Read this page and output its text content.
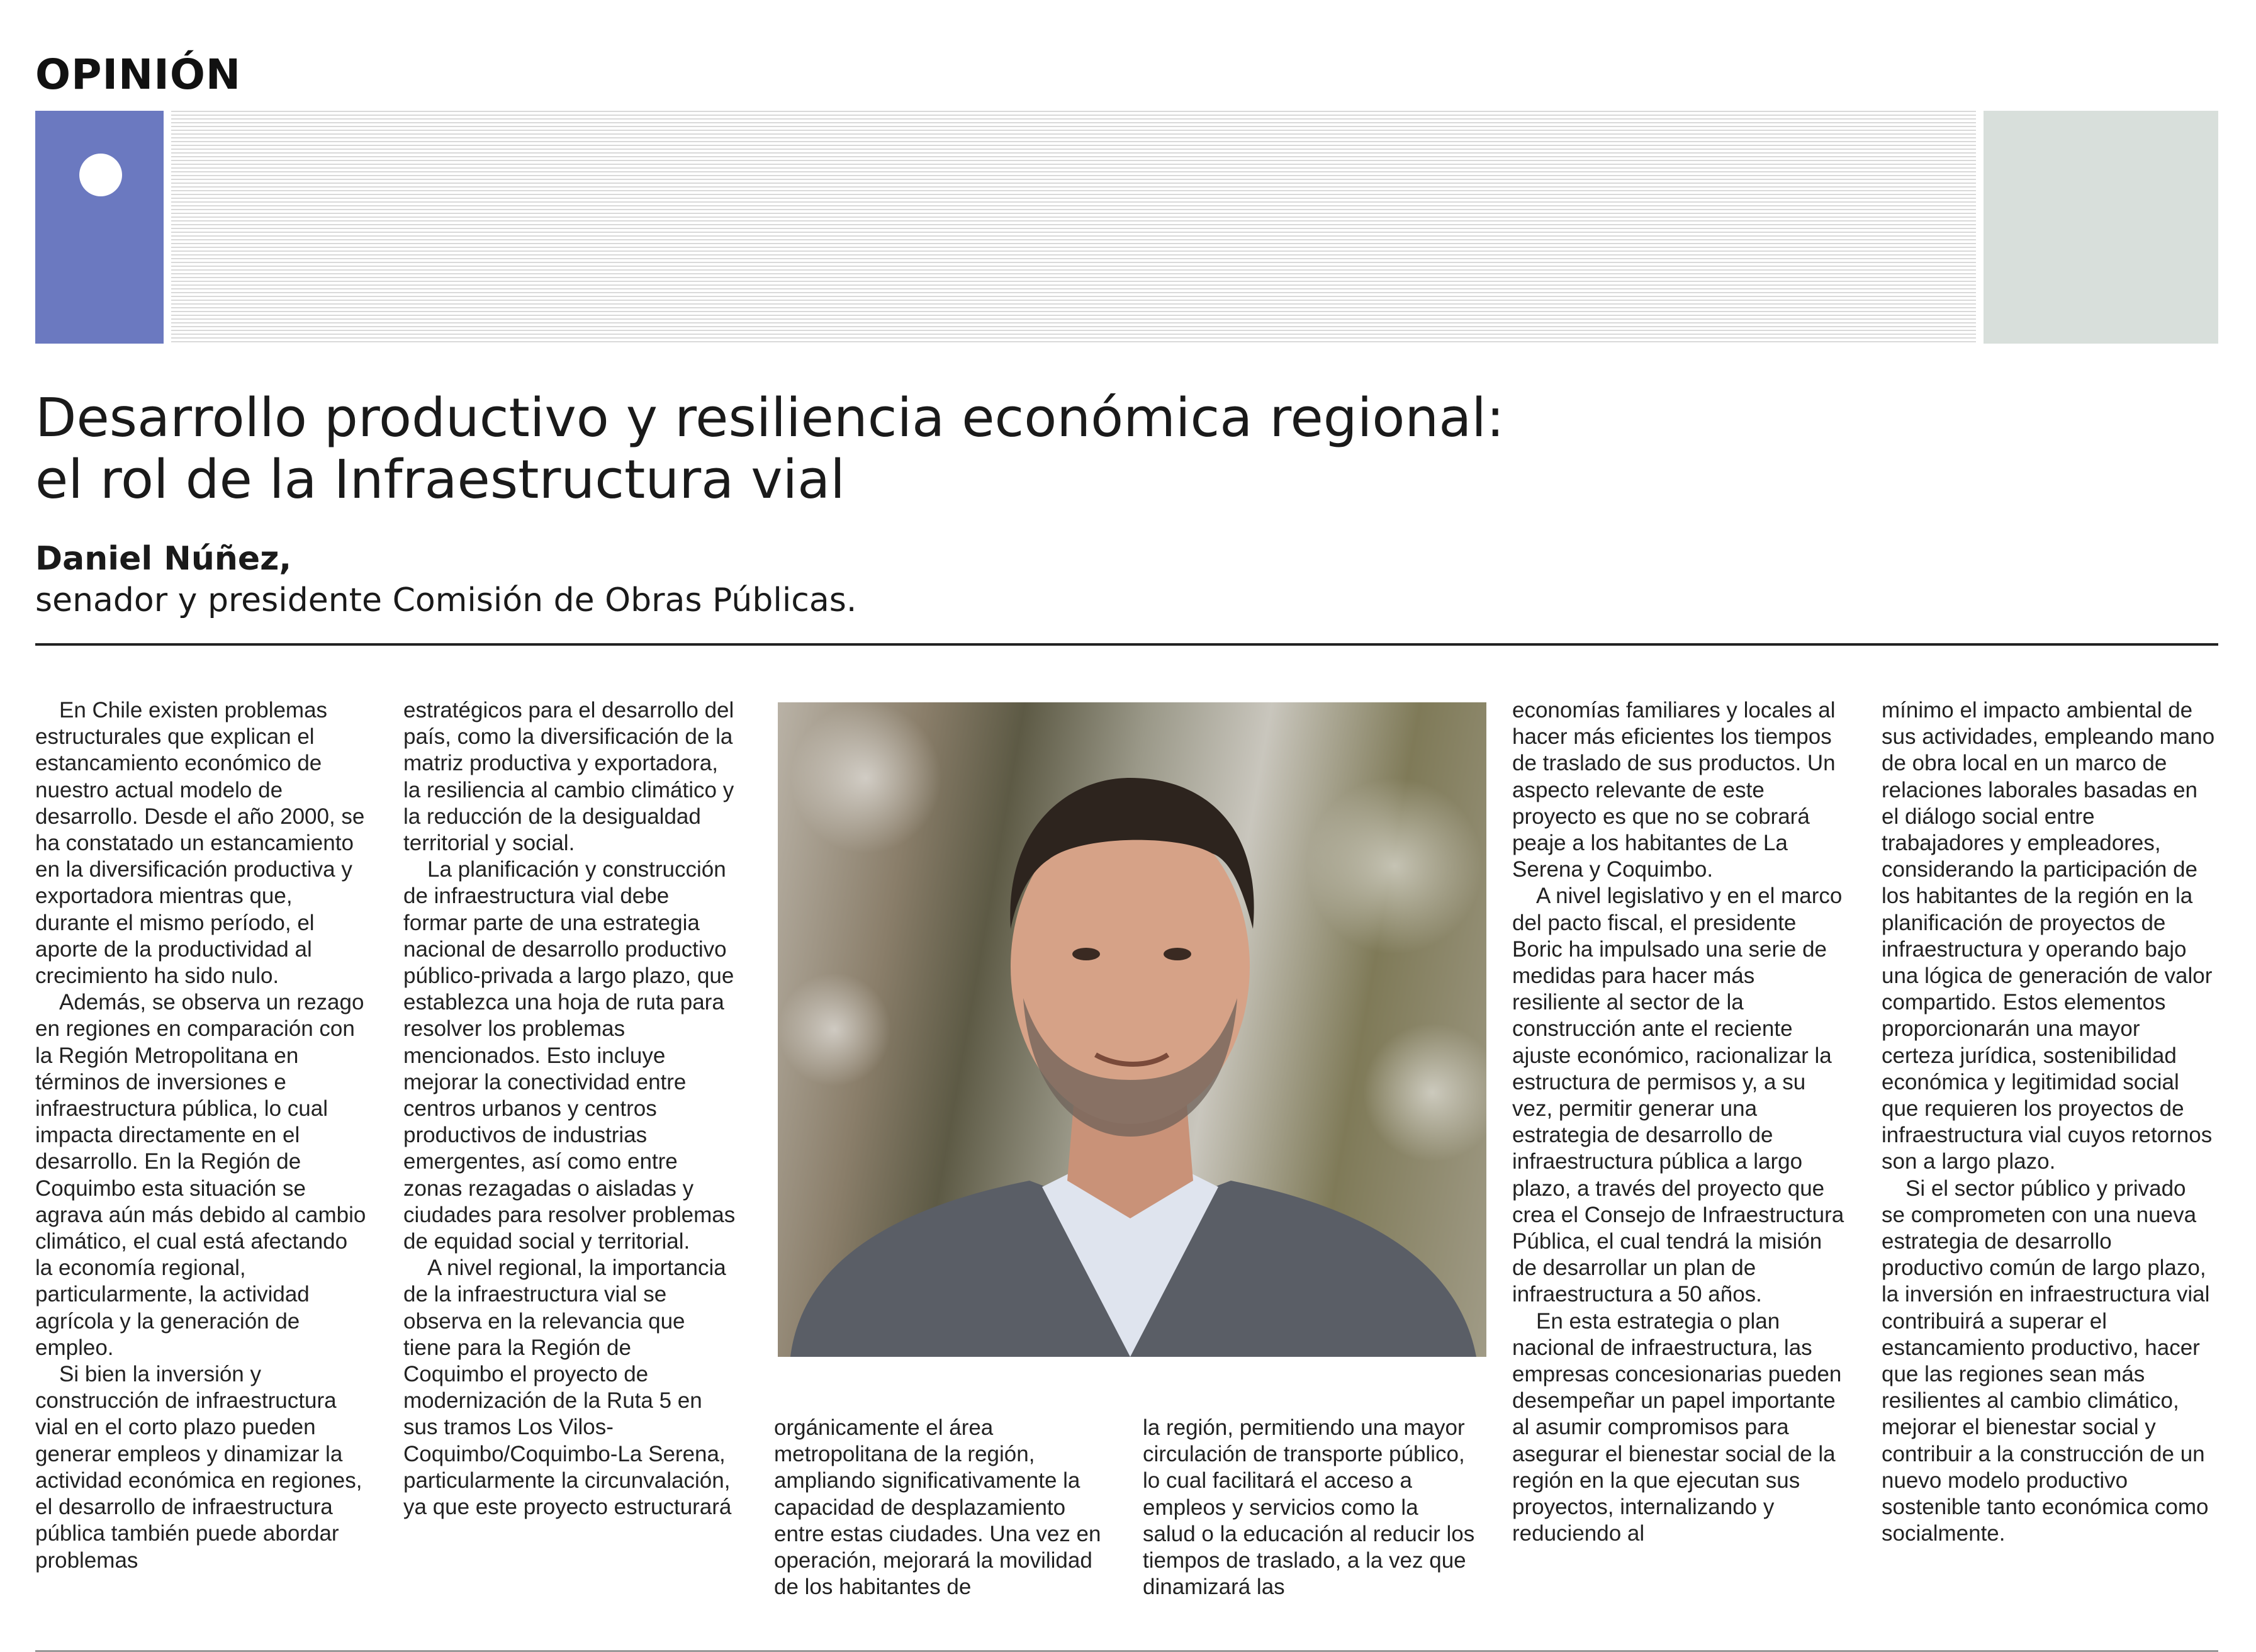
OPINIÓN
Desarrollo productivo y resiliencia económica regional:
el rol de la Infraestructura vial
Daniel Núñez,
senador y presidente Comisión de Obras Públicas.

En Chile existen problemas estructurales que explican el estancamiento económico de nuestro actual modelo de desarrollo. Desde el año 2000, se ha constatado un estancamiento en la diversificación productiva y exportadora mientras que, durante el mismo período, el aporte de la productividad al crecimiento ha sido nulo.

Además, se observa un rezago en regiones en comparación con la Región Metropolitana en términos de inversiones e infraestructura pública, lo cual impacta directamente en el desarrollo. En la Región de Coquimbo esta situación se agrava aún más debido al cambio climático, el cual está afectando la economía regional, particularmente, la actividad agrícola y la generación de empleo.

Si bien la inversión y construcción de infraestructura vial en el corto plazo pueden generar empleos y dinamizar la actividad económica en regiones, el desarrollo de infraestructura pública también puede abordar problemas

estratégicos para el desarrollo del país, como la diversificación de la matriz productiva y exportadora, la resiliencia al cambio climático y la reducción de la desigualdad territorial y social.

La planificación y construcción de infraestructura vial debe formar parte de una estrategia nacional de desarrollo productivo público-privada a largo plazo, que establezca una hoja de ruta para resolver los problemas mencionados. Esto incluye mejorar la conectividad entre centros urbanos y centros productivos de industrias emergentes, así como entre zonas rezagadas o aisladas y ciudades para resolver problemas de equidad social y territorial.

A nivel regional, la importancia de la infraestructura vial se observa en la relevancia que tiene para la Región de Coquimbo el proyecto de modernización de la Ruta 5 en sus tramos Los Vilos-Coquimbo/Coquimbo-La Serena, particularmente la circunvalación, ya que este proyecto estructurará

orgánicamente el área metropolitana de la región, ampliando significativamente la capacidad de desplazamiento entre estas ciudades. Una vez en operación, mejorará la movilidad de los habitantes de

la región, permitiendo una mayor circulación de transporte público, lo cual facilitará el acceso a empleos y servicios como la salud o la educación al reducir los tiempos de traslado, a la vez que dinamizará las

economías familiares y locales al hacer más eficientes los tiempos de traslado de sus productos. Un aspecto relevante de este proyecto es que no se cobrará peaje a los habitantes de La Serena y Coquimbo.

A nivel legislativo y en el marco del pacto fiscal, el presidente Boric ha impulsado una serie de medidas para hacer más resiliente al sector de la construcción ante el reciente ajuste económico, racionalizar la estructura de permisos y, a su vez, permitir generar una estrategia de desarrollo de infraestructura pública a largo plazo, a través del proyecto que crea el Consejo de Infraestructura Pública, el cual tendrá la misión de desarrollar un plan de infraestructura a 50 años.

En esta estrategia o plan nacional de infraestructura, las empresas concesionarias pueden desempeñar un papel importante al asumir compromisos para asegurar el bienestar social de la región en la que ejecutan sus proyectos, internalizando y reduciendo al

mínimo el impacto ambiental de sus actividades, empleando mano de obra local en un marco de relaciones laborales basadas en el diálogo social entre trabajadores y empleadores, considerando la participación de los habitantes de la región en la planificación de proyectos de infraestructura y operando bajo una lógica de generación de valor compartido. Estos elementos proporcionarán una mayor certeza jurídica, sostenibilidad económica y legitimidad social que requieren los proyectos de infraestructura vial cuyos retornos son a largo plazo.

Si el sector público y privado se comprometen con una nueva estrategia de desarrollo productivo común de largo plazo, la inversión en infraestructura vial contribuirá a superar el estancamiento productivo, hacer que las regiones sean más resilientes al cambio climático, mejorar el bienestar social y contribuir a la construcción de un nuevo modelo productivo sostenible tanto económica como socialmente.
